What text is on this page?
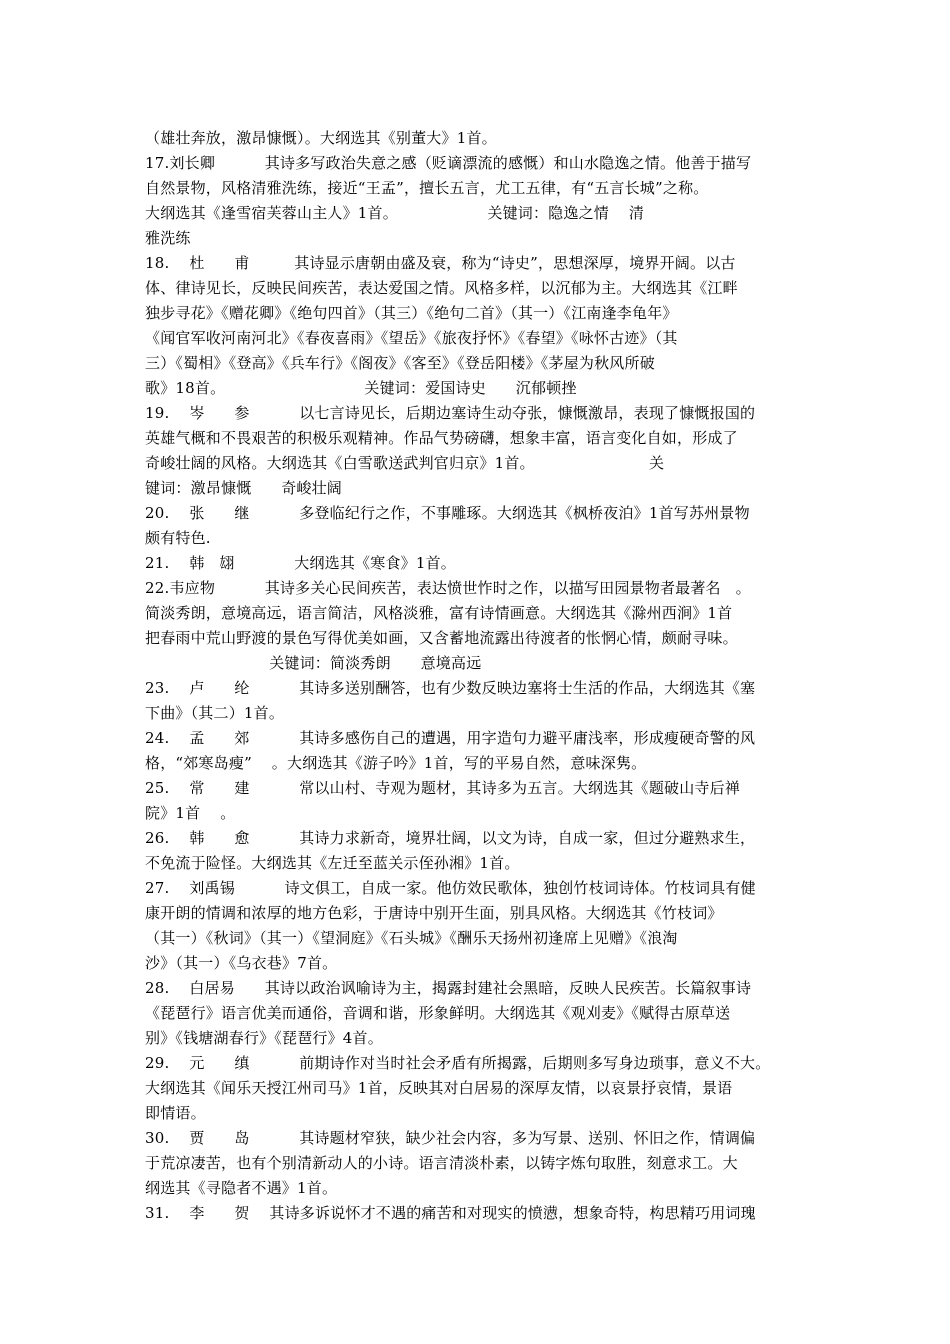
（雄壮奔放，激昂慷慨）。大纲选其《别董大》1首。
17.刘长卿          其诗多写政治失意之感（贬谪漂流的感慨）和山水隐逸之情。他善于描写
自然景物，风格清雅洗练，接近“王孟”，擅长五言，尤工五律，有“五言长城”之称。
大纲选其《逢雪宿芙蓉山主人》1首。                  关键词：隐逸之情    清
雅洗练
18.    杜      甫         其诗显示唐朝由盛及衰，称为“诗史”，思想深厚，境界开阔。以古
体、律诗见长，反映民间疾苦，表达爱国之情。风格多样，以沉郁为主。大纲选其《江畔
独步寻花》《赠花卿》《绝句四首》（其三）《绝句二首》（其一）《江南逢李龟年》
《闻官军收河南河北》《春夜喜雨》《望岳》《旅夜抒怀》《春望》《咏怀古迹》（其
三）《蜀相》《登高》《兵车行》《阁夜》《客至》《登岳阳楼》《茅屋为秋风所破
歌》18首。                            关键词：爱国诗史      沉郁顿挫
19.    岑      参          以七言诗见长，后期边塞诗生动夺张，慷慨激昂，表现了慷慨报国的
英雄气概和不畏艰苦的积极乐观精神。作品气势磅礴，想象丰富，语言变化自如，形成了
奇峻壮阔的风格。大纲选其《白雪歌送武判官归京》1首。                       关
键词：激昂慷慨      奇峻壮阔
20.    张      继          多登临纪行之作，不事雕琢。大纲选其《枫桥夜泊》1首写苏州景物
颇有特色.
21.    韩   翃            大纲选其《寒食》1首。
22.韦应物          其诗多关心民间疾苦，表达愤世怍时之作，以描写田园景物者最著名   。
简淡秀朗，意境高远，语言简洁，风格淡雅，富有诗情画意。大纲选其《滁州西涧》1首
把春雨中荒山野渡的景色写得优美如画，又含蓄地流露出待渡者的怅惘心情，颇耐寻味。
关键词：简淡秀朗      意境高远
23.    卢      纶          其诗多送别酬答，也有少数反映边塞将士生活的作品，大纲选其《塞
下曲》（其二）1首。
24.    孟      郊          其诗多感伤自己的遭遇，用字造句力避平庸浅率，形成瘦硬奇警的风
格，“郊寒岛瘦”    。大纲选其《游子吟》1首，写的平易自然，意味深隽。
25.    常      建          常以山村、寺观为题材，其诗多为五言。大纲选其《题破山寺后禅
院》1首    。
26.    韩      愈          其诗力求新奇，境界壮阔，以文为诗，自成一家，但过分避熟求生，
不免流于险怪。大纲选其《左迁至蓝关示侄孙湘》1首。
27.    刘禹锡          诗文俱工，自成一家。他仿效民歌体，独创竹枝词诗体。竹枝词具有健
康开朗的情调和浓厚的地方色彩，于唐诗中别开生面，别具风格。大纲选其《竹枝词》
（其一）《秋词》（其一）《望洞庭》《石头城》《酬乐天扬州初逢席上见赠》《浪淘
沙》（其一）《乌衣巷》7首。
28.    白居易      其诗以政治讽喻诗为主，揭露封建社会黑暗，反映人民疾苦。长篇叙事诗
《琵琶行》语言优美而通俗，音调和谐，形象鲜明。大纲选其《观刈麦》《赋得古原草送
别》《钱塘湖春行》《琵琶行》4首。
29.    元      缜          前期诗作对当时社会矛盾有所揭露，后期则多写身边琐事，意义不大。
大纲选其《闻乐天授江州司马》1首，反映其对白居易的深厚友情，以哀景抒哀情，景语
即情语。
30.    贾      岛          其诗题材窄狭，缺少社会内容，多为写景、送别、怀旧之作，情调偏
于荒凉凄苦，也有个别清新动人的小诗。语言清淡朴素，以铸字炼句取胜，刻意求工。大
纲选其《寻隐者不遇》1首。
31.    李      贺    其诗多诉说怀才不遇的痛苦和对现实的愤懑，想象奇特，构思精巧用词瑰
